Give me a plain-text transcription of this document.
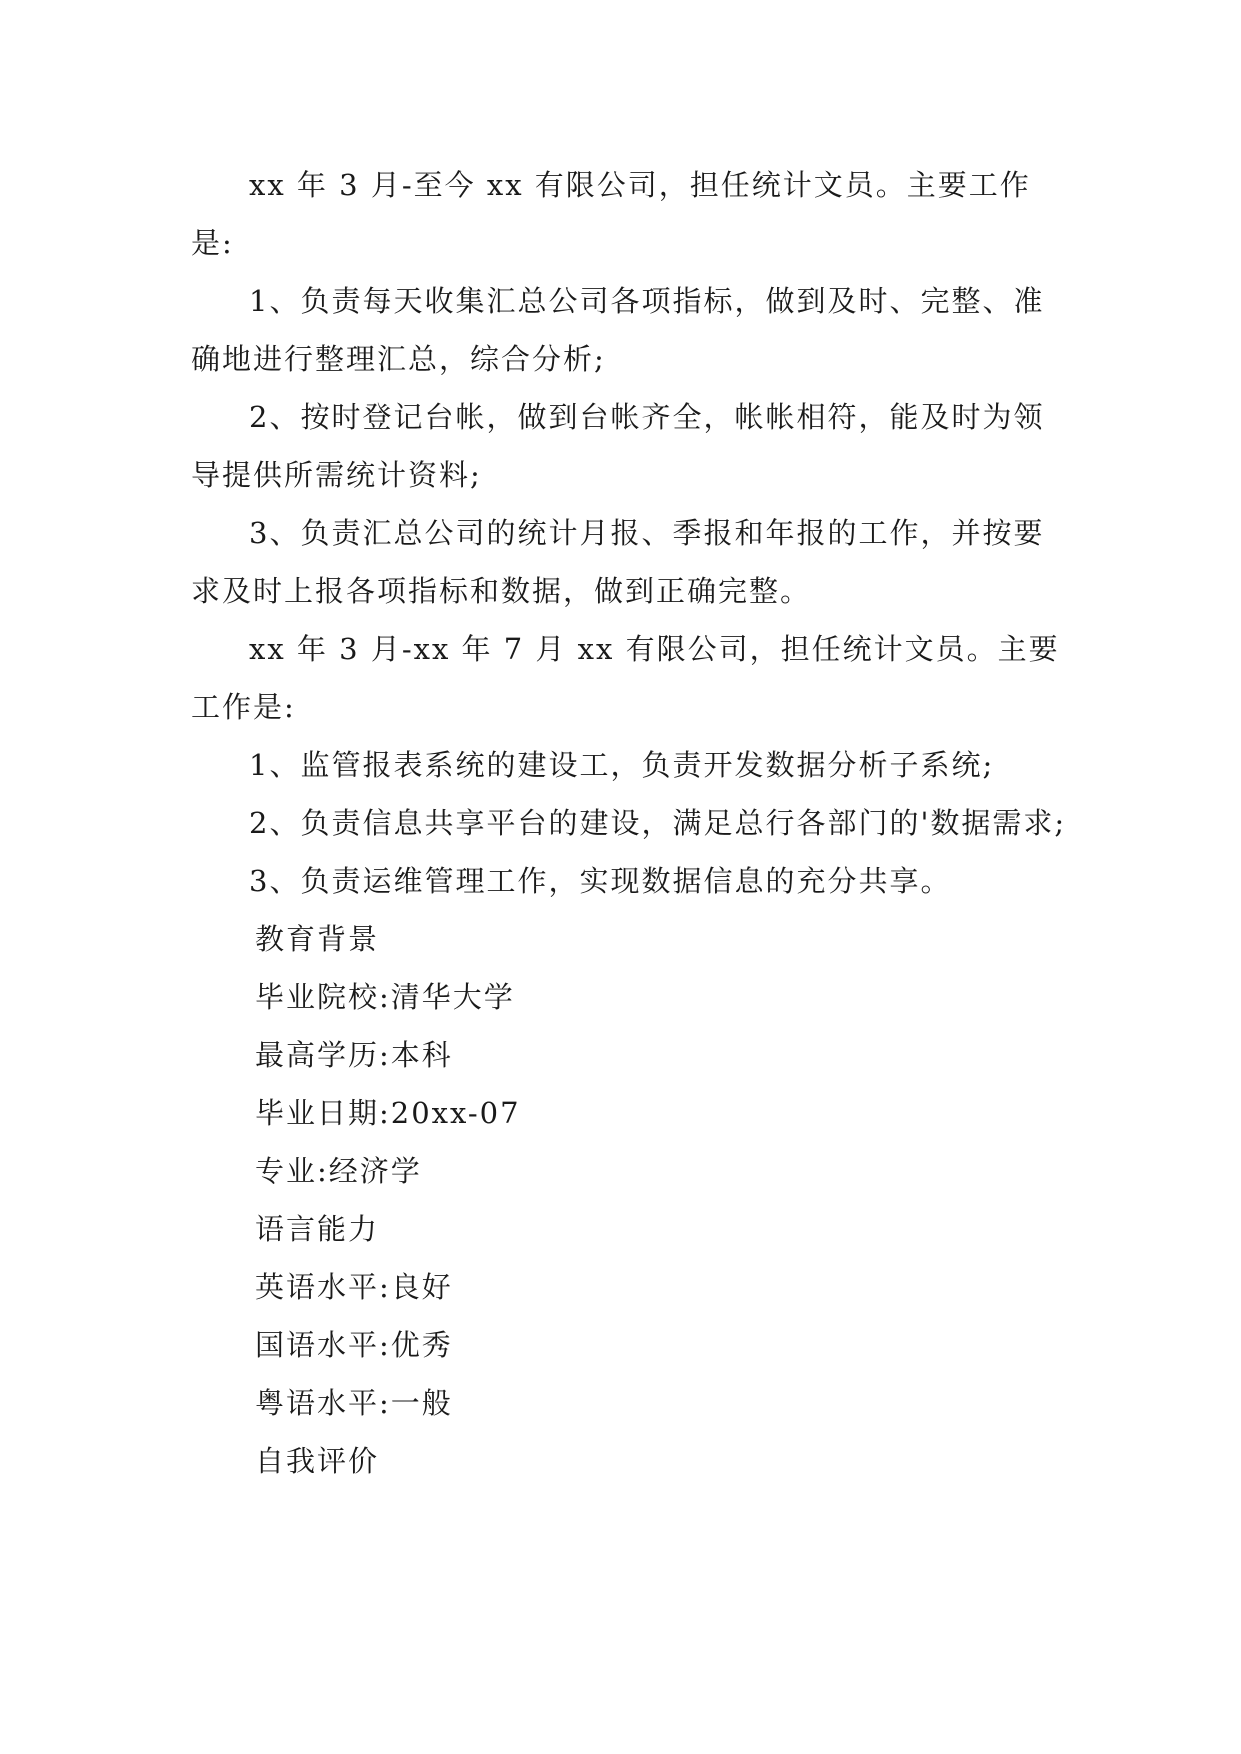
xx 年 3 月-至今 xx 有限公司，担任统计文员。主要工作是:

1、负责每天收集汇总公司各项指标，做到及时、完整、准确地进行整理汇总，综合分析;

2、按时登记台帐，做到台帐齐全，帐帐相符，能及时为领导提供所需统计资料;

3、负责汇总公司的统计月报、季报和年报的工作，并按要求及时上报各项指标和数据，做到正确完整。

xx 年 3 月-xx 年 7 月 xx 有限公司，担任统计文员。主要工作是:

1、监管报表系统的建设工，负责开发数据分析子系统;

2、负责信息共享平台的建设，满足总行各部门的'数据需求;

3、负责运维管理工作，实现数据信息的充分共享。

教育背景

毕业院校:清华大学

最高学历:本科

毕业日期:20xx-07

专业:经济学

语言能力

英语水平:良好

国语水平:优秀

粤语水平:一般

自我评价
